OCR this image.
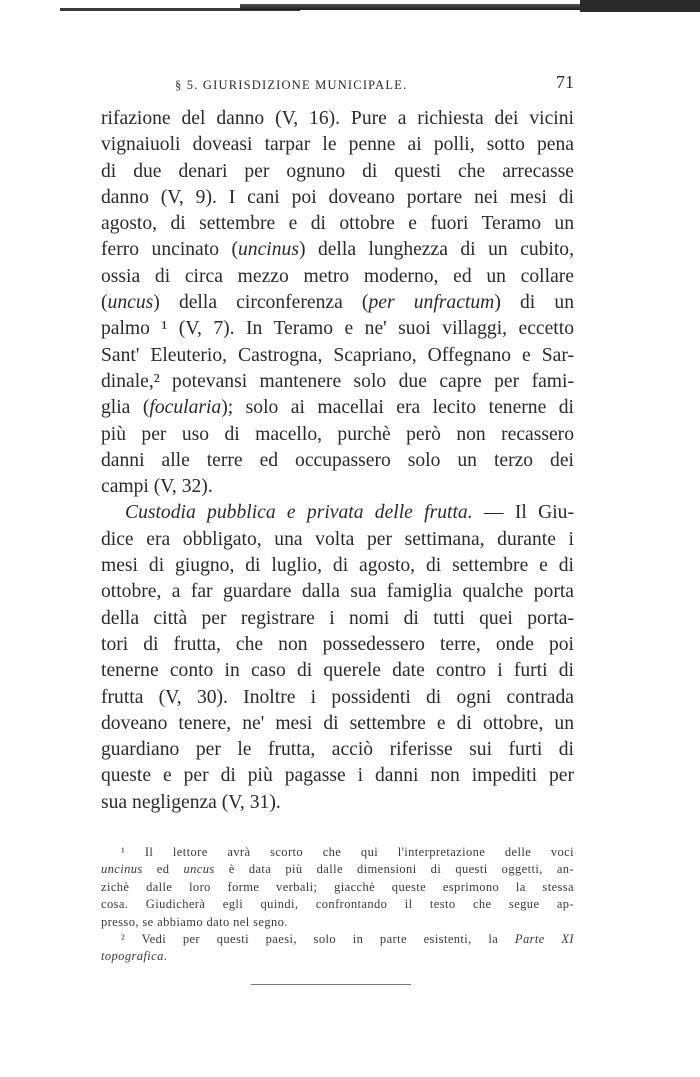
§ 5. GIURISDIZIONE MUNICIPALE.	71
rifazione del danno (V, 16). Pure a richiesta dei vicini
vignaiuoli doveasi tarpar le penne ai polli, sotto pena
di due denari per ognuno di questi che arrecasse
danno (V, 9). I cani poi doveano portare nei mesi di
agosto, di settembre e di ottobre e fuori Teramo un
ferro uncinato (uncinus) della lunghezza di un cubito,
ossia di circa mezzo metro moderno, ed un collare
(uncus) della circonferenza (per unfractum) di un
palmo ¹ (V, 7). In Teramo e ne' suoi villaggi, eccetto
Sant' Eleuterio, Castrogna, Scapriano, Offegnano e Sar-
dinale,² potevansi mantenere solo due capre per fami-
glia (focularia); solo ai macellai era lecito tenerne di
più per uso di macello, purchè però non recassero
danni alle terre ed occupassero solo un terzo dei
campi (V, 32).
Custodia pubblica e privata delle frutta. — Il Giu-
dice era obbligato, una volta per settimana, durante i
mesi di giugno, di luglio, di agosto, di settembre e di
ottobre, a far guardare dalla sua famiglia qualche porta
della città per registrare i nomi di tutti quei porta-
tori di frutta, che non possedessero terre, onde poi
tenerne conto in caso di querele date contro i furti di
frutta (V, 30). Inoltre i possidenti di ogni contrada
doveano tenere, ne' mesi di settembre e di ottobre, un
guardiano per le frutta, acciò riferisse sui furti di
queste e per di più pagasse i danni non impediti per
sua negligenza (V, 31).
¹ Il lettore avrà scorto che qui l'interpretazione delle voci
uncinus ed uncus è data più dalle dimensioni di questi oggetti, an-
zichè dalle loro forme verbali; giacchè queste esprimono la stessa
cosa. Giudicherà egli quindi, confrontando il testo che segue ap-
presso, se abbiamo dato nel segno.
² Vedi per questi paesi, solo in parte esistenti, la Parte XI
topografica.
